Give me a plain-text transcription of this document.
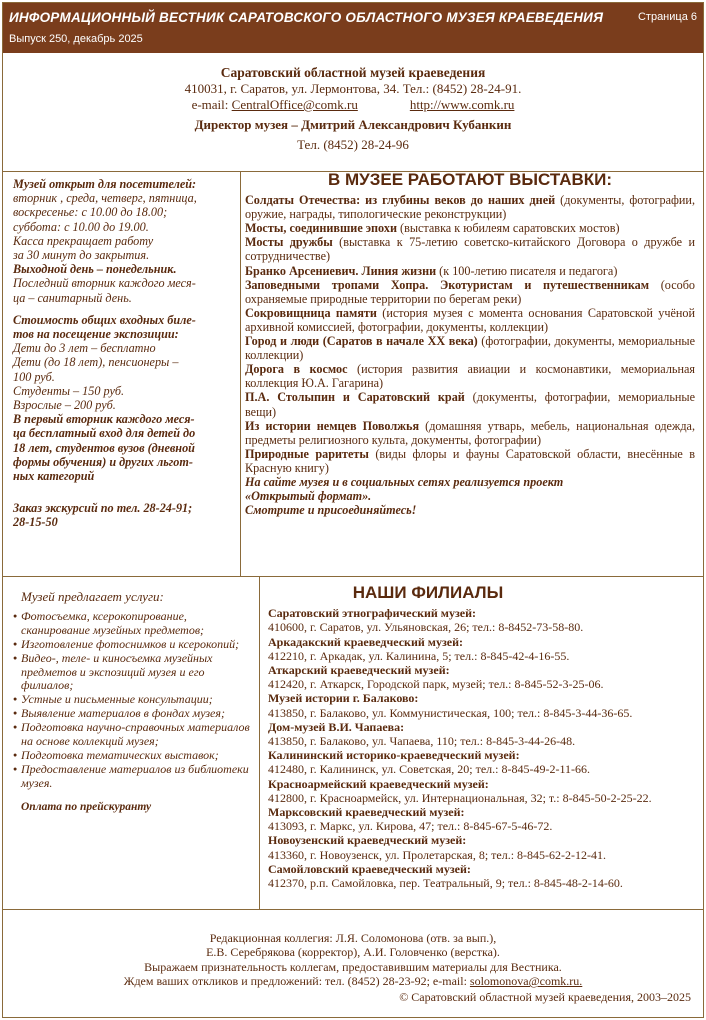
ИНФОРМАЦИОННЫЙ ВЕСТНИК САРАТОВСКОГО ОБЛАСТНОГО МУЗЕЯ КРАЕВЕДЕНИЯ
Выпуск 250, декабрь 2025
Страница 6
Саратовский областной музей краеведения
410031, г. Саратов, ул. Лермонтова, 34. Тел.: (8452) 28-24-91.
e-mail: CentralOffice@comk.ru	http://www.comk.ru
Директор музея – Дмитрий Александрович Кубанкин
Тел. (8452) 28-24-96
Музей открыт для посетителей:
вторник , среда, четверг, пятница,
воскресенье: с 10.00 до 18.00;
суббота: с 10.00 до 19.00.
Касса прекращает работу
за 30 минут до закрытия.
Выходной день – понедельник.
Последний вторник каждого меся-
ца – санитарный день.
Стоимость общих входных биле-
тов на посещение экспозиции:
Дети до 3 лет – бесплатно
Дети (до 18 лет), пенсионеры –
100 руб.
Студенты – 150 руб.
Взрослые – 200 руб.
В первый вторник каждого меся-
ца бесплатный вход для детей до
18 лет, студентов вузов (дневной
формы обучения) и других льгот-
ных категорий
Заказ экскурсий по тел. 28-24-91;
28-15-50
В МУЗЕЕ РАБОТАЮТ ВЫСТАВКИ:
Солдаты Отечества: из глубины веков до наших дней (документы, фотографии, оружие, награды, типологические реконструкции)
Мосты, соединившие эпохи (выставка к юбилеям саратовских мостов)
Мосты дружбы (выставка к 75-летию советско-китайского Договора о дружбе и сотрудничестве)
Бранко Арсениевич. Линия жизни (к 100-летию писателя и педагога)
Заповедными тропами Хопра. Экотуристам и путешественникам (особо охраняемые природные территории по берегам реки)
Сокровищница памяти (история музея с момента основания Саратовской учёной архивной комиссией, фотографии, документы, коллекции)
Город и люди (Саратов в начале XX века) (фотографии, документы, мемориальные коллекции)
Дорога в космос (история развития авиации и космонавтики, мемориальная коллекция Ю.А. Гагарина)
П.А. Столыпин и Саратовский край (документы, фотографии, мемориальные вещи)
Из истории немцев Поволжья (домашняя утварь, мебель, национальная одежда, предметы религиозного культа, документы, фотографии)
Природные раритеты (виды флоры и фауны Саратовской области, внесённые в Красную книгу)
На сайте музея и в социальных сетях реализуется проект
«Открытый формат».
Смотрите и присоединяйтесь!
Музей предлагает услуги:
● Фотосъемка, ксерокопирование, сканирование музейных предметов;
● Изготовление фотоснимков и ксерокопий;
● Видео-, теле- и киносъемка музейных предметов и экспозиций музея и его филиалов;
● Устные и письменные консультации;
● Выявление материалов в фондах музея;
● Подготовка научно-справочных материалов на основе коллекций музея;
● Подготовка тематических выставок;
● Предоставление материалов из библиотеки музея.
Оплата по прейскуранту
НАШИ ФИЛИАЛЫ
Саратовский этнографический музей:
410600, г. Саратов, ул. Ульяновская, 26; тел.: 8-8452-73-58-80.
Аркадакский краеведческий музей:
412210, г. Аркадак, ул. Калинина, 5; тел.: 8-845-42-4-16-55.
Аткарский краеведческий музей:
412420, г. Аткарск, Городской парк, музей; тел.: 8-845-52-3-25-06.
Музей истории г. Балаково:
413850, г. Балаково, ул. Коммунистическая, 100; тел.: 8-845-3-44-36-65.
Дом-музей В.И. Чапаева:
413850, г. Балаково, ул. Чапаева, 110; тел.: 8-845-3-44-26-48.
Калининский историко-краеведческий музей:
412480, г. Калининск, ул. Советская, 20; тел.: 8-845-49-2-11-66.
Красноармейский краеведческий музей:
412800, г. Красноармейск, ул. Интернациональная, 32; т.: 8-845-50-2-25-22.
Марксовский краеведческий музей:
413093, г. Маркс, ул. Кирова, 47; тел.: 8-845-67-5-46-72.
Новоузенский краеведческий музей:
413360, г. Новоузенск, ул. Пролетарская, 8; тел.: 8-845-62-2-12-41.
Самойловский краеведческий музей:
412370, р.п. Самойловка, пер. Театральный, 9; тел.: 8-845-48-2-14-60.
Редакционная коллегия: Л.Я. Соломонова (отв. за вып.),
Е.В. Серебрякова (корректор), А.И. Головченко (верстка).
Выражаем признательность коллегам, предоставившим материалы для Вестника.
Ждем ваших откликов и предложений: тел. (8452) 28-23-92; e-mail: solomonova@comk.ru.
© Саратовский областной музей краеведения, 2003–2025
